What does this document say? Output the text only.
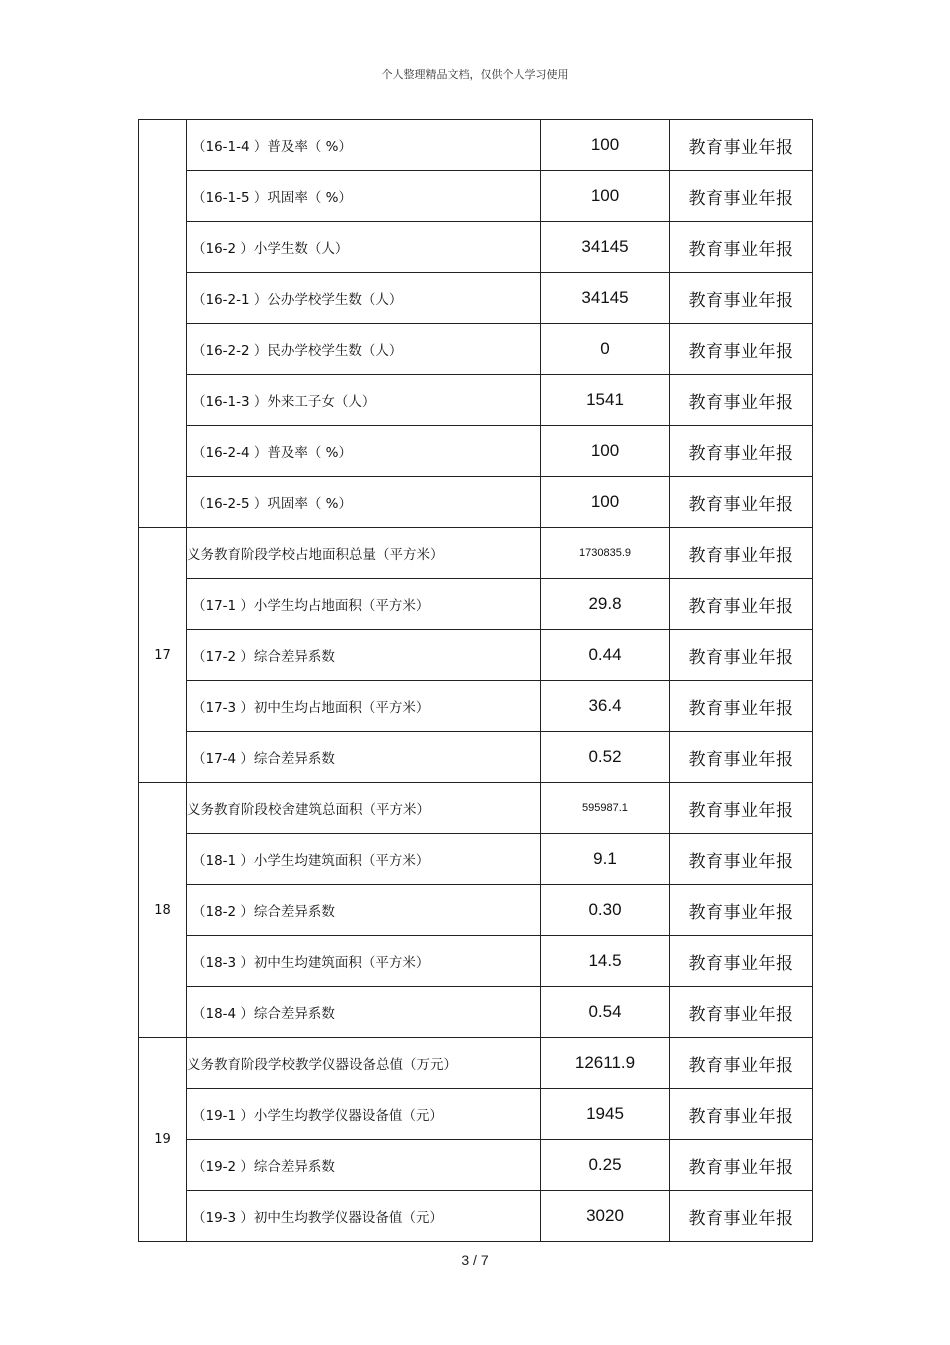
个人整理精品文档，仅供个人学习使用
	（16-1-4 ）普及率（ %）	100	教育事业年报
	（16-1-5 ）巩固率（ %）	100	教育事业年报
	（16-2 ）小学生数（人）	34145	教育事业年报
	（16-2-1 ）公办学校学生数（人）	34145	教育事业年报
	（16-2-2 ）民办学校学生数（人）	0	教育事业年报
	（16-1-3 ）外来工子女（人）	1541	教育事业年报
	（16-2-4 ）普及率（ %）	100	教育事业年报
	（16-2-5 ）巩固率（ %）	100	教育事业年报
17	义务教育阶段学校占地面积总量（平方米）	1730835.9	教育事业年报
	（17-1 ）小学生均占地面积（平方米）	29.8	教育事业年报
	（17-2 ）综合差异系数	0.44	教育事业年报
	（17-3 ）初中生均占地面积（平方米）	36.4	教育事业年报
	（17-4 ）综合差异系数	0.52	教育事业年报
18	义务教育阶段校舍建筑总面积（平方米）	595987.1	教育事业年报
	（18-1 ）小学生均建筑面积（平方米）	9.1	教育事业年报
	（18-2 ）综合差异系数	0.30	教育事业年报
	（18-3 ）初中生均建筑面积（平方米）	14.5	教育事业年报
	（18-4 ）综合差异系数	0.54	教育事业年报
19	义务教育阶段学校教学仪器设备总值（万元）	12611.9	教育事业年报
	（19-1 ）小学生均教学仪器设备值（元）	1945	教育事业年报
	（19-2 ）综合差异系数	0.25	教育事业年报
	（19-3 ）初中生均教学仪器设备值（元）	3020	教育事业年报
3 / 7
